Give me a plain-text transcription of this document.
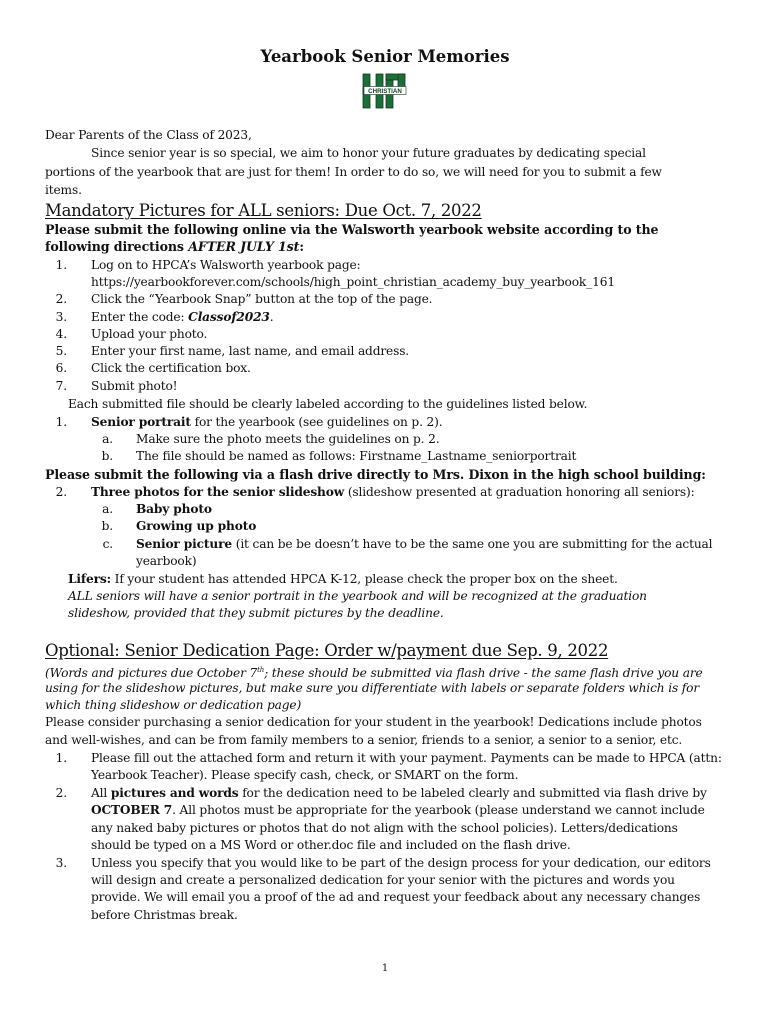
Yearbook Senior Memories
CHRISTIAN
Dear Parents of the Class of 2023,
Since senior year is so special, we aim to honor your future graduates by dedicating special
portions of the yearbook that are just for them! In order to do so, we will need for you to submit a few
items.
Mandatory Pictures for ALL seniors: Due Oct. 7, 2022
Please submit the following online via the Walsworth yearbook website according to the
following directions AFTER JULY 1st:
1. Log on to HPCA’s Walsworth yearbook page:
https://yearbookforever.com/schools/high_point_christian_academy_buy_yearbook_161
2. Click the “Yearbook Snap” button at the top of the page.
3. Enter the code: Classof2023.
4. Upload your photo.
5. Enter your first name, last name, and email address.
6. Click the certification box.
7. Submit photo!
Each submitted file should be clearly labeled according to the guidelines listed below.
1. Senior portrait for the yearbook (see guidelines on p. 2).
a. Make sure the photo meets the guidelines on p. 2.
b. The file should be named as follows: Firstname_Lastname_seniorportrait
Please submit the following via a flash drive directly to Mrs. Dixon in the high school building:
2. Three photos for the senior slideshow (slideshow presented at graduation honoring all seniors):
a. Baby photo
b. Growing up photo
c. Senior picture (it can be be doesn’t have to be the same one you are submitting for the actual
yearbook)
Lifers: If your student has attended HPCA K-12, please check the proper box on the sheet.
ALL seniors will have a senior portrait in the yearbook and will be recognized at the graduation
slideshow, provided that they submit pictures by the deadline.
Optional: Senior Dedication Page: Order w/payment due Sep. 9, 2022
(Words and pictures due October 7th; these should be submitted via flash drive - the same flash drive you are
using for the slideshow pictures, but make sure you differentiate with labels or separate folders which is for
which thing slideshow or dedication page)
Please consider purchasing a senior dedication for your student in the yearbook! Dedications include photos
and well-wishes, and can be from family members to a senior, friends to a senior, a senior to a senior, etc.
1. Please fill out the attached form and return it with your payment. Payments can be made to HPCA (attn:
Yearbook Teacher). Please specify cash, check, or SMART on the form.
2. All pictures and words for the dedication need to be labeled clearly and submitted via flash drive by
OCTOBER 7. All photos must be appropriate for the yearbook (please understand we cannot include
any naked baby pictures or photos that do not align with the school policies). Letters/dedications
should be typed on a MS Word or other.doc file and included on the flash drive.
3. Unless you specify that you would like to be part of the design process for your dedication, our editors
will design and create a personalized dedication for your senior with the pictures and words you
provide. We will email you a proof of the ad and request your feedback about any necessary changes
before Christmas break.
1
